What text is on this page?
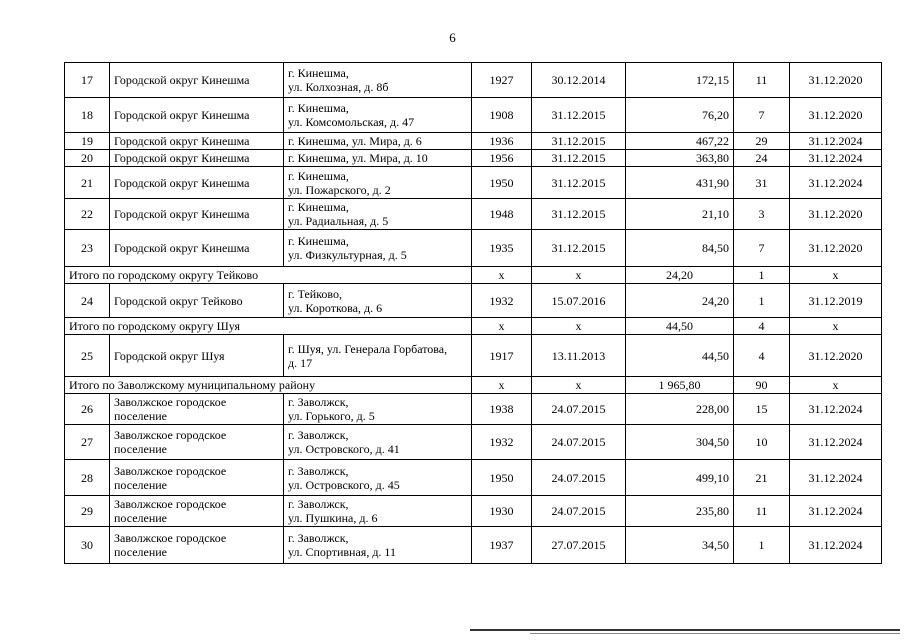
6
17	Городской округ Кинешма	г. Кинешма,
ул. Колхозная, д. 8б	1927	30.12.2014	172,15	11	31.12.2020
18	Городской округ Кинешма	г. Кинешма,
ул. Комсомольская, д. 47	1908	31.12.2015	76,20	7	31.12.2020
19	Городской округ Кинешма	г. Кинешма, ул. Мира, д. 6	1936	31.12.2015	467,22	29	31.12.2024
20	Городской округ Кинешма	г. Кинешма, ул. Мира, д. 10	1956	31.12.2015	363,80	24	31.12.2024
21	Городской округ Кинешма	г. Кинешма,
ул. Пожарского, д. 2	1950	31.12.2015	431,90	31	31.12.2024
22	Городской округ Кинешма	г. Кинешма,
ул. Радиальная, д. 5	1948	31.12.2015	21,10	3	31.12.2020
23	Городской округ Кинешма	г. Кинешма,
ул. Физкультурная, д. 5	1935	31.12.2015	84,50	7	31.12.2020
Итого по городскому округу Тейково			x	x	24,20	1	x
24	Городской округ Тейково	г. Тейково,
ул. Короткова, д. 6	1932	15.07.2016	24,20	1	31.12.2019
Итого по городскому округу Шуя			x	x	44,50	4	x
25	Городской округ Шуя	г. Шуя, ул. Генерала Горбатова,
д. 17	1917	13.11.2013	44,50	4	31.12.2020
Итого по Заволжскому муниципальному району			x	x	1 965,80	90	x
26	Заволжское городское
поселение	г. Заволжск,
ул. Горького, д. 5	1938	24.07.2015	228,00	15	31.12.2024
27	Заволжское городское
поселение	г. Заволжск,
ул. Островского, д. 41	1932	24.07.2015	304,50	10	31.12.2024
28	Заволжское городское
поселение	г. Заволжск,
ул. Островского, д. 45	1950	24.07.2015	499,10	21	31.12.2024
29	Заволжское городское
поселение	г. Заволжск,
ул. Пушкина, д. 6	1930	24.07.2015	235,80	11	31.12.2024
30	Заволжское городское
поселение	г. Заволжск,
ул. Спортивная, д. 11	1937	27.07.2015	34,50	1	31.12.2024
